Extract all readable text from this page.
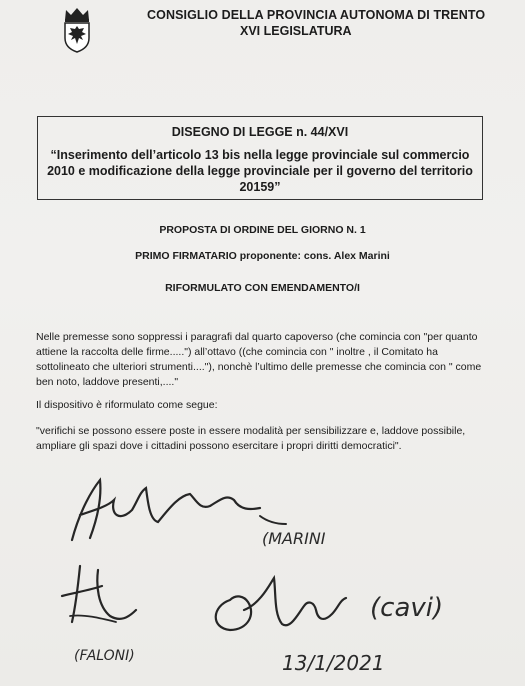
CONSIGLIO DELLA PROVINCIA AUTONOMA DI TRENTO
XVI LEGISLATURA
DISEGNO DI LEGGE n. 44/XVI
“Inserimento dell’articolo 13 bis nella legge provinciale sul commercio 2010 e modificazione della legge provinciale per il governo del territorio 20159”
PROPOSTA DI ORDINE DEL GIORNO N. 1
PRIMO FIRMATARIO proponente: cons. Alex Marini
RIFORMULATO CON EMENDAMENTO/I
Nelle premesse sono soppressi i paragrafi dal quarto capoverso (che comincia con "per quanto attiene la raccolta delle firme.....") all’ottavo ((che comincia con " inoltre , il Comitato ha sottolineato che ulteriori strumenti...."), nonchè l’ultimo delle premesse che comincia con " come ben noto, laddove presenti,...."
Il dispositivo è riformulato come segue:
"verifichi se possono essere poste in essere modalità per sensibilizzare e, laddove possibile, ampliare gli spazi dove i cittadini possono esercitare i propri diritti democratici".
(MARINI
(FALONI)
(cavi)
13/1/2021
